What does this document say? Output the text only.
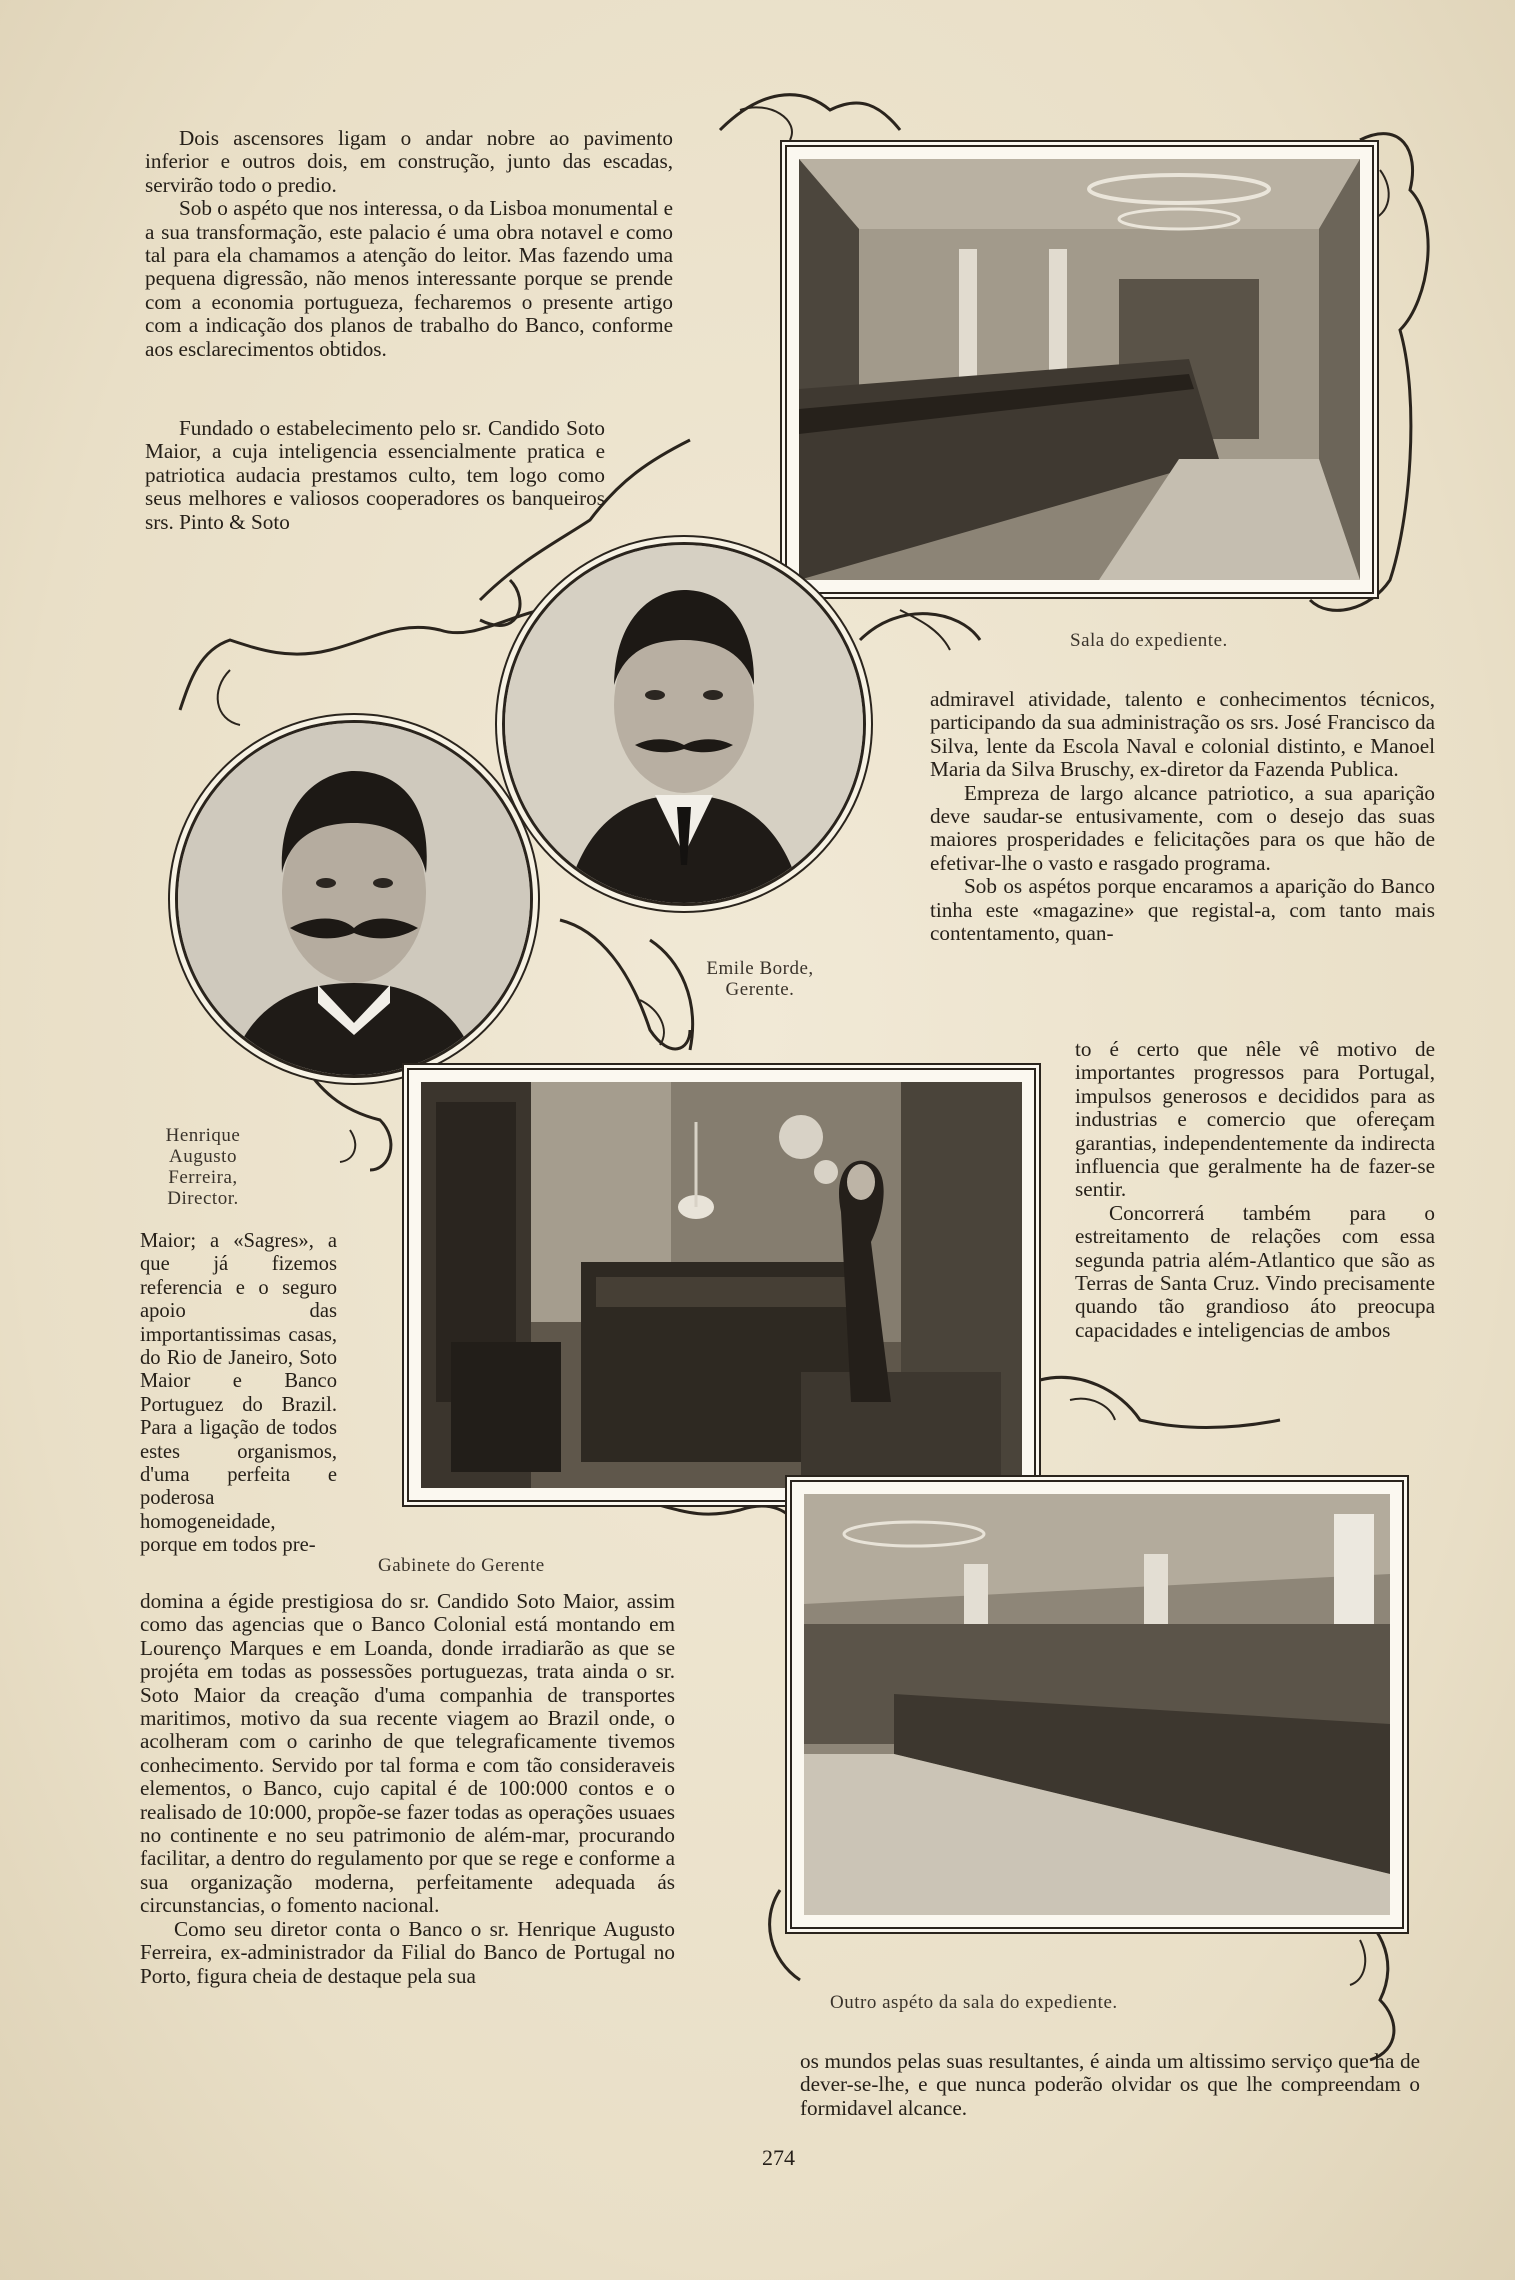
Dois ascensores ligam o andar nobre ao pavimento inferior e outros dois, em construção, junto das escadas, servirão todo o predio.

Sob o aspéto que nos interessa, o da Lisboa monumental e a sua transformação, este palacio é uma obra notavel e como tal para ela chamamos a atenção do leitor. Mas fazendo uma pequena digressão, não menos interessante porque se prende com a economia portugueza, fecharemos o presente artigo com a indicação dos planos de trabalho do Banco, conforme aos esclarecimentos obtidos.

Fundado o estabelecimento pelo sr. Candido Soto Maior, a cuja inteligencia essencialmente pratica e patriotica audacia prestamos culto, tem logo como seus melhores e valiosos cooperadores os banqueiros srs. Pinto & Soto

Sala do expediente.
Emile Borde, Gerente.
Henrique Augusto Ferreira, Director.

admiravel atividade, talento e conhecimentos técnicos, participando da sua administração os srs. José Francisco da Silva, lente da Escola Naval e colonial distinto, e Manoel Maria da Silva Bruschy, ex-diretor da Fazenda Publica.

Empreza de largo alcance patriotico, a sua aparição deve saudar-se entusivamente, com o desejo das suas maiores prosperidades e felicitações para os que hão de efetivar-lhe o vasto e rasgado programa.

Sob os aspétos porque encaramos a aparição do Banco tinha este «magazine» que registal-a, com tanto mais contentamento, quan-

to é certo que nêle vê motivo de importantes progressos para Portugal, impulsos generosos e decididos para as industrias e comercio que ofereçam garantias, independentemente da indirecta influencia que geralmente ha de fazer-se sentir.

Concorrerá também para o estreitamento de relações com essa segunda patria além-Atlantico que são as Terras de Santa Cruz. Vindo precisamente quando tão grandioso áto preocupa capacidades e inteligencias de ambos

Gabinete do Gerente

Maior; a «Sagres», a que já fizemos referencia e o seguro apoio das importantissimas casas, do Rio de Janeiro, Soto Maior e Banco Portuguez do Brazil. Para a ligação de todos estes organismos, d'uma perfeita e poderosa homogeneidade, porque em todos pre-

Outro aspéto da sala do expediente.

domina a égide prestigiosa do sr. Candido Soto Maior, assim como das agencias que o Banco Colonial está montando em Lourenço Marques e em Loanda, donde irradiarão as que se projéta em todas as possessões portuguezas, trata ainda o sr. Soto Maior da creação d'uma companhia de transportes maritimos, motivo da sua recente viagem ao Brazil onde, o acolheram com o carinho de que telegraficamente tivemos conhecimento. Servido por tal forma e com tão consideraveis elementos, o Banco, cujo capital é de 100:000 contos e o realisado de 10:000, propõe-se fazer todas as operações usuaes no continente e no seu patrimonio de além-mar, procurando facilitar, a dentro do regulamento por que se rege e conforme a sua organização moderna, perfeitamente adequada ás circunstancias, o fomento nacional.

Como seu diretor conta o Banco o sr. Henrique Augusto Ferreira, ex-administrador da Filial do Banco de Portugal no Porto, figura cheia de destaque pela sua

os mundos pelas suas resultantes, é ainda um altissimo serviço que ha de dever-se-lhe, e que nunca poderão olvidar os que lhe compreendam o formidavel alcance.

274
